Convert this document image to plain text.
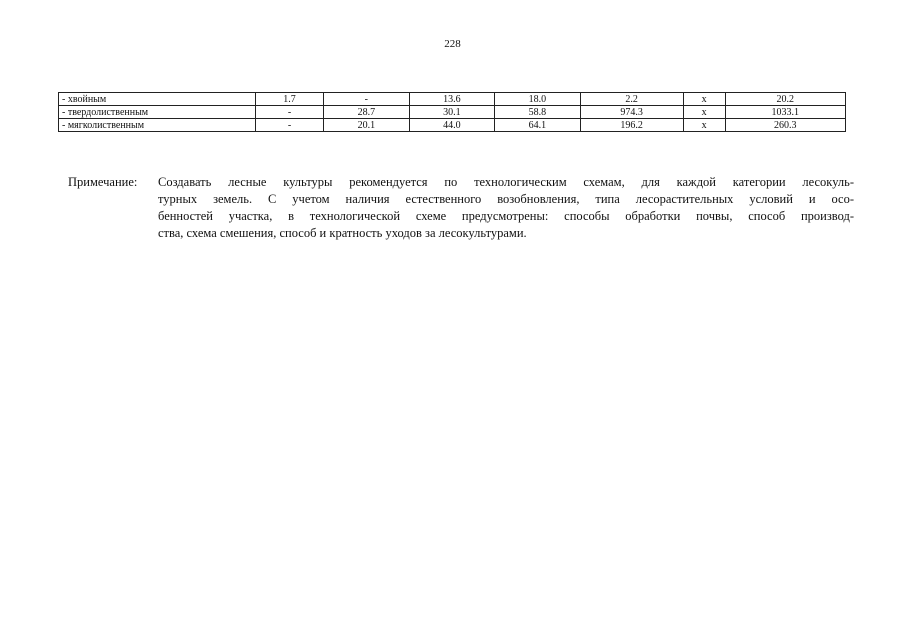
228
- хвойным	1.7	-	13.6	18.0	2.2	x	20.2
- твердолиственным	-	28.7	30.1	58.8	974.3	x	1033.1
- мягколиственным	-	20.1	44.0	64.1	196.2	x	260.3
Примечание:	Создавать лесные культуры рекомендуется по технологическим схемам, для каждой категории лесокуль-
турных земель. С учетом наличия естественного возобновления, типа лесорастительных условий и осо-
бенностей участка, в технологической схеме предусмотрены: способы обработки почвы, способ производ-
ства, схема смешения, способ и кратность уходов за лесокультурами.
